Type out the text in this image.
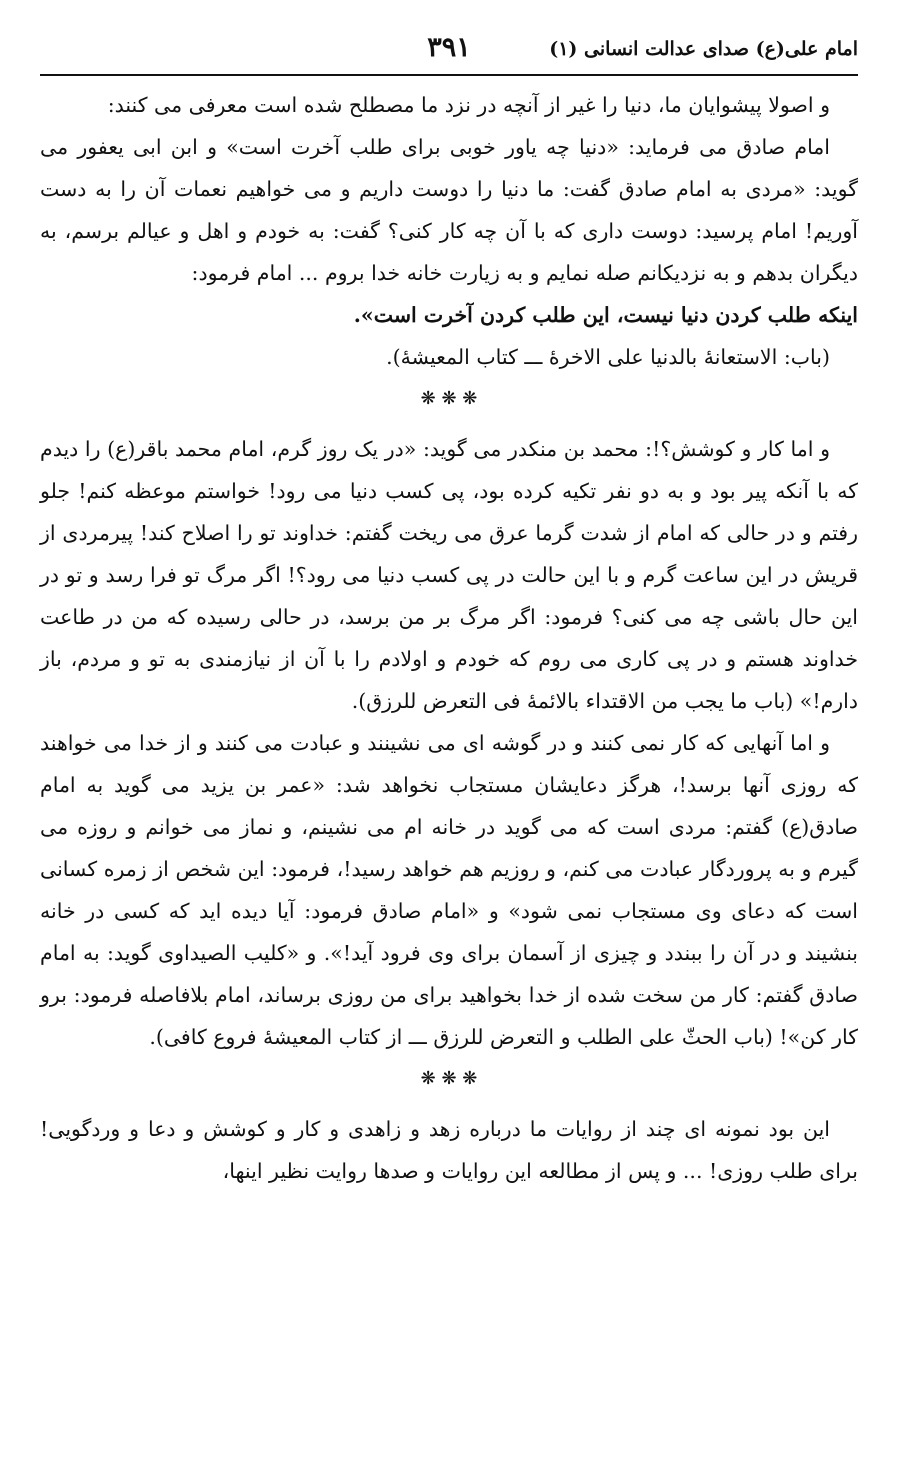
امام علی(ع) صدای عدالت انسانی (۱)
۳۹۱

و اصولا پیشوایان ما، دنیا را غیر از آنچه در نزد ما مصطلح شده است معرفی می کنند:

امام صادق می فرماید: «دنیا چه یاور خوبی برای طلب آخرت است» و ابن ابی یعفور می گوید: «مردی به امام صادق گفت: ما دنیا را دوست داریم و می خواهیم نعمات آن را به دست آوریم! امام پرسید: دوست داری که با آن چه کار کنی؟ گفت: به خودم و اهل و عیالم برسم، به دیگران بدهم و به نزدیکانم صله نمایم و به زیارت خانه خدا بروم ... امام فرمود:

اینکه طلب کردن دنیا نیست، این طلب کردن آخرت است».

(باب: الاستعانهٔ بالدنیا علی الاخرهٔ ـــ کتاب المعیشهٔ).

❋ ❋ ❋

و اما کار و کوشش؟!: محمد بن منکدر می گوید: «در یک روز گرم، امام محمد باقر(ع) را دیدم که با آنکه پیر بود و به دو نفر تکیه کرده بود، پی کسب دنیا می رود! خواستم موعظه کنم! جلو رفتم و در حالی که امام از شدت گرما عرق می ریخت گفتم: خداوند تو را اصلاح کند! پیرمردی از قریش در این ساعت گرم و با این حالت در پی کسب دنیا می رود؟! اگر مرگ تو فرا رسد و تو در این حال باشی چه می کنی؟ فرمود: اگر مرگ بر من برسد، در حالی رسیده که من در طاعت خداوند هستم و در پی کاری می روم که خودم و اولادم را با آن از نیازمندی به تو و مردم، باز دارم!» (باب ما یجب من الاقتداء بالائمهٔ فی التعرض للرزق).

و اما آنهایی که کار نمی کنند و در گوشه ای می نشینند و عبادت می کنند و از خدا می خواهند که روزی آنها برسد!، هرگز دعایشان مستجاب نخواهد شد: «عمر بن یزید می گوید به امام صادق(ع) گفتم: مردی است که می گوید در خانه ام می نشینم، و نماز می خوانم و روزه می گیرم و به پروردگار عبادت می کنم، و روزیم هم خواهد رسید!، فرمود: این شخص از زمره کسانی است که دعای وی مستجاب نمی شود» و «امام صادق فرمود: آیا دیده اید که کسی در خانه بنشیند و در آن را ببندد و چیزی از آسمان برای وی فرود آید!». و «کلیب الصیداوی گوید: به امام صادق گفتم: کار من سخت شده از خدا بخواهید برای من روزی برساند، امام بلافاصله فرمود: برو کار کن»! (باب الحثّ علی الطلب و التعرض للرزق ـــ از کتاب المعیشهٔ فروع کافی).

❋ ❋ ❋

این بود نمونه ای چند از روایات ما درباره زهد و زاهدی و کار و کوشش و دعا و وردگویی! برای طلب روزی! ... و پس از مطالعه این روایات و صدها روایت نظیر اینها،
